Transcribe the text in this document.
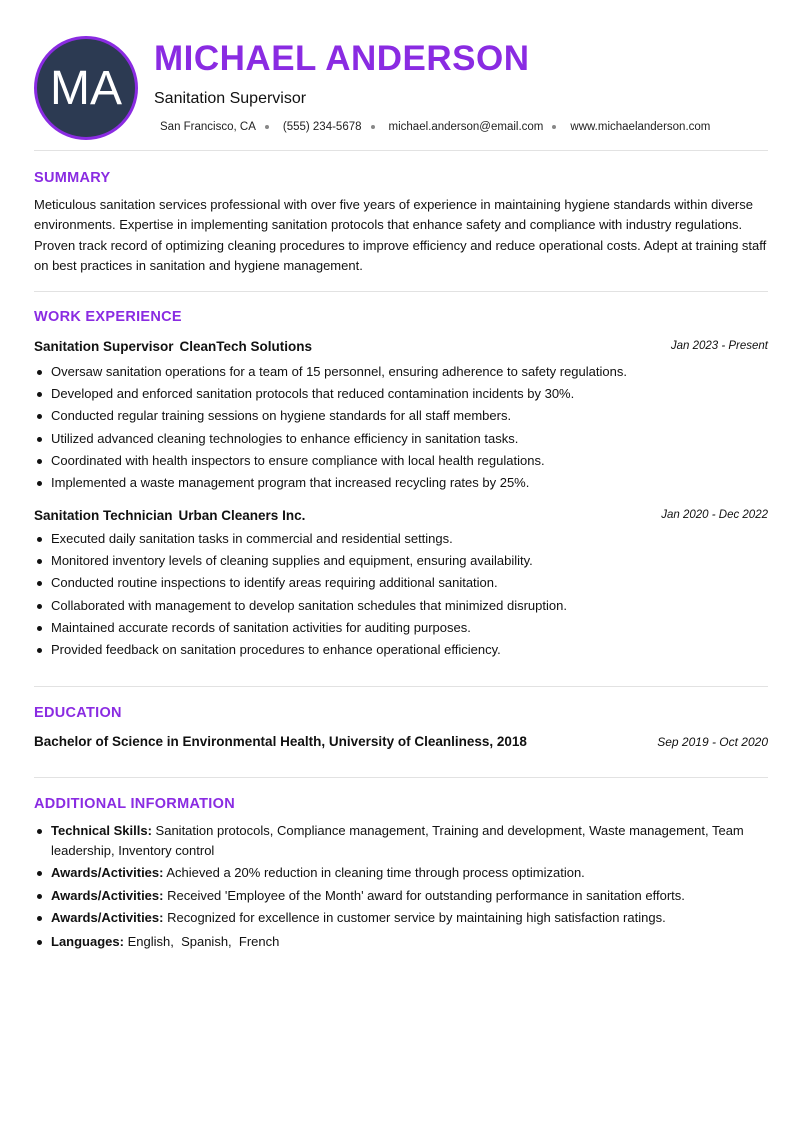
MA
MICHAEL ANDERSON
Sanitation Supervisor
San Francisco, CA (555) 234-5678 michael.anderson@email.com www.michaelanderson.com
SUMMARY
Meticulous sanitation services professional with over five years of experience in maintaining hygiene standards within diverse environments. Expertise in implementing sanitation protocols that enhance safety and compliance with industry regulations. Proven track record of optimizing cleaning procedures to improve efficiency and reduce operational costs. Adept at training staff on best practices in sanitation and hygiene management.
WORK EXPERIENCE
Sanitation Supervisor CleanTech Solutions	Jan 2023 - Present
Oversaw sanitation operations for a team of 15 personnel, ensuring adherence to safety regulations.
Developed and enforced sanitation protocols that reduced contamination incidents by 30%.
Conducted regular training sessions on hygiene standards for all staff members.
Utilized advanced cleaning technologies to enhance efficiency in sanitation tasks.
Coordinated with health inspectors to ensure compliance with local health regulations.
Implemented a waste management program that increased recycling rates by 25%.
Sanitation Technician Urban Cleaners Inc.	Jan 2020 - Dec 2022
Executed daily sanitation tasks in commercial and residential settings.
Monitored inventory levels of cleaning supplies and equipment, ensuring availability.
Conducted routine inspections to identify areas requiring additional sanitation.
Collaborated with management to develop sanitation schedules that minimized disruption.
Maintained accurate records of sanitation activities for auditing purposes.
Provided feedback on sanitation procedures to enhance operational efficiency.
EDUCATION
Bachelor of Science in Environmental Health, University of Cleanliness, 2018	Sep 2019 - Oct 2020
ADDITIONAL INFORMATION
Technical Skills: Sanitation protocols, Compliance management, Training and development, Waste management, Team leadership, Inventory control
Awards/Activities: Achieved a 20% reduction in cleaning time through process optimization.
Awards/Activities: Received 'Employee of the Month' award for outstanding performance in sanitation efforts.
Awards/Activities: Recognized for excellence in customer service by maintaining high satisfaction ratings.
Languages: English,  Spanish,  French
